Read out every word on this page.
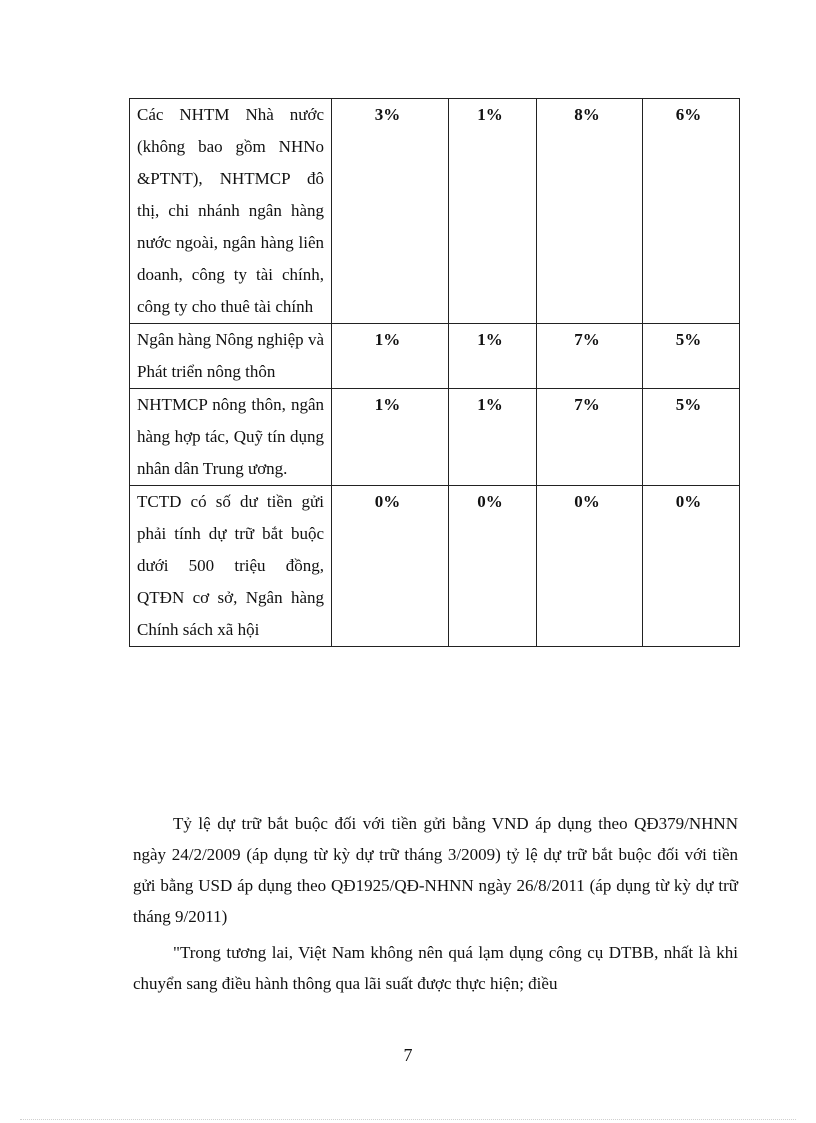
Các NHTM Nhà nước (không bao gồm NHNo &PTNT), NHTMCP đô thị, chi nhánh ngân hàng nước ngoài, ngân hàng liên doanh, công ty tài chính, công ty cho thuê tài chính	3%	1%	8%	6%
Ngân hàng Nông nghiệp và Phát triển nông thôn	1%	1%	7%	5%
NHTMCP nông thôn, ngân hàng hợp tác, Quỹ tín dụng nhân dân Trung ương.	1%	1%	7%	5%
TCTD có số dư tiền gửi phải tính dự trữ bắt buộc dưới 500 triệu đồng, QTĐN cơ sở, Ngân hàng Chính sách xã hội	0%	0%	0%	0%

Tỷ lệ dự trữ bắt buộc đối với tiền gửi bằng VND áp dụng theo QĐ379/NHNN ngày 24/2/2009 (áp dụng từ kỳ dự trữ tháng 3/2009) tỷ lệ dự trữ bắt buộc đối với tiền gửi bằng USD áp dụng theo QĐ1925/QĐ-NHNN ngày 26/8/2011 (áp dụng từ kỳ dự trữ tháng 9/2011)

"Trong tương lai, Việt Nam không nên quá lạm dụng công cụ DTBB, nhất là khi chuyển sang điều hành thông qua lãi suất được thực hiện; điều

7
